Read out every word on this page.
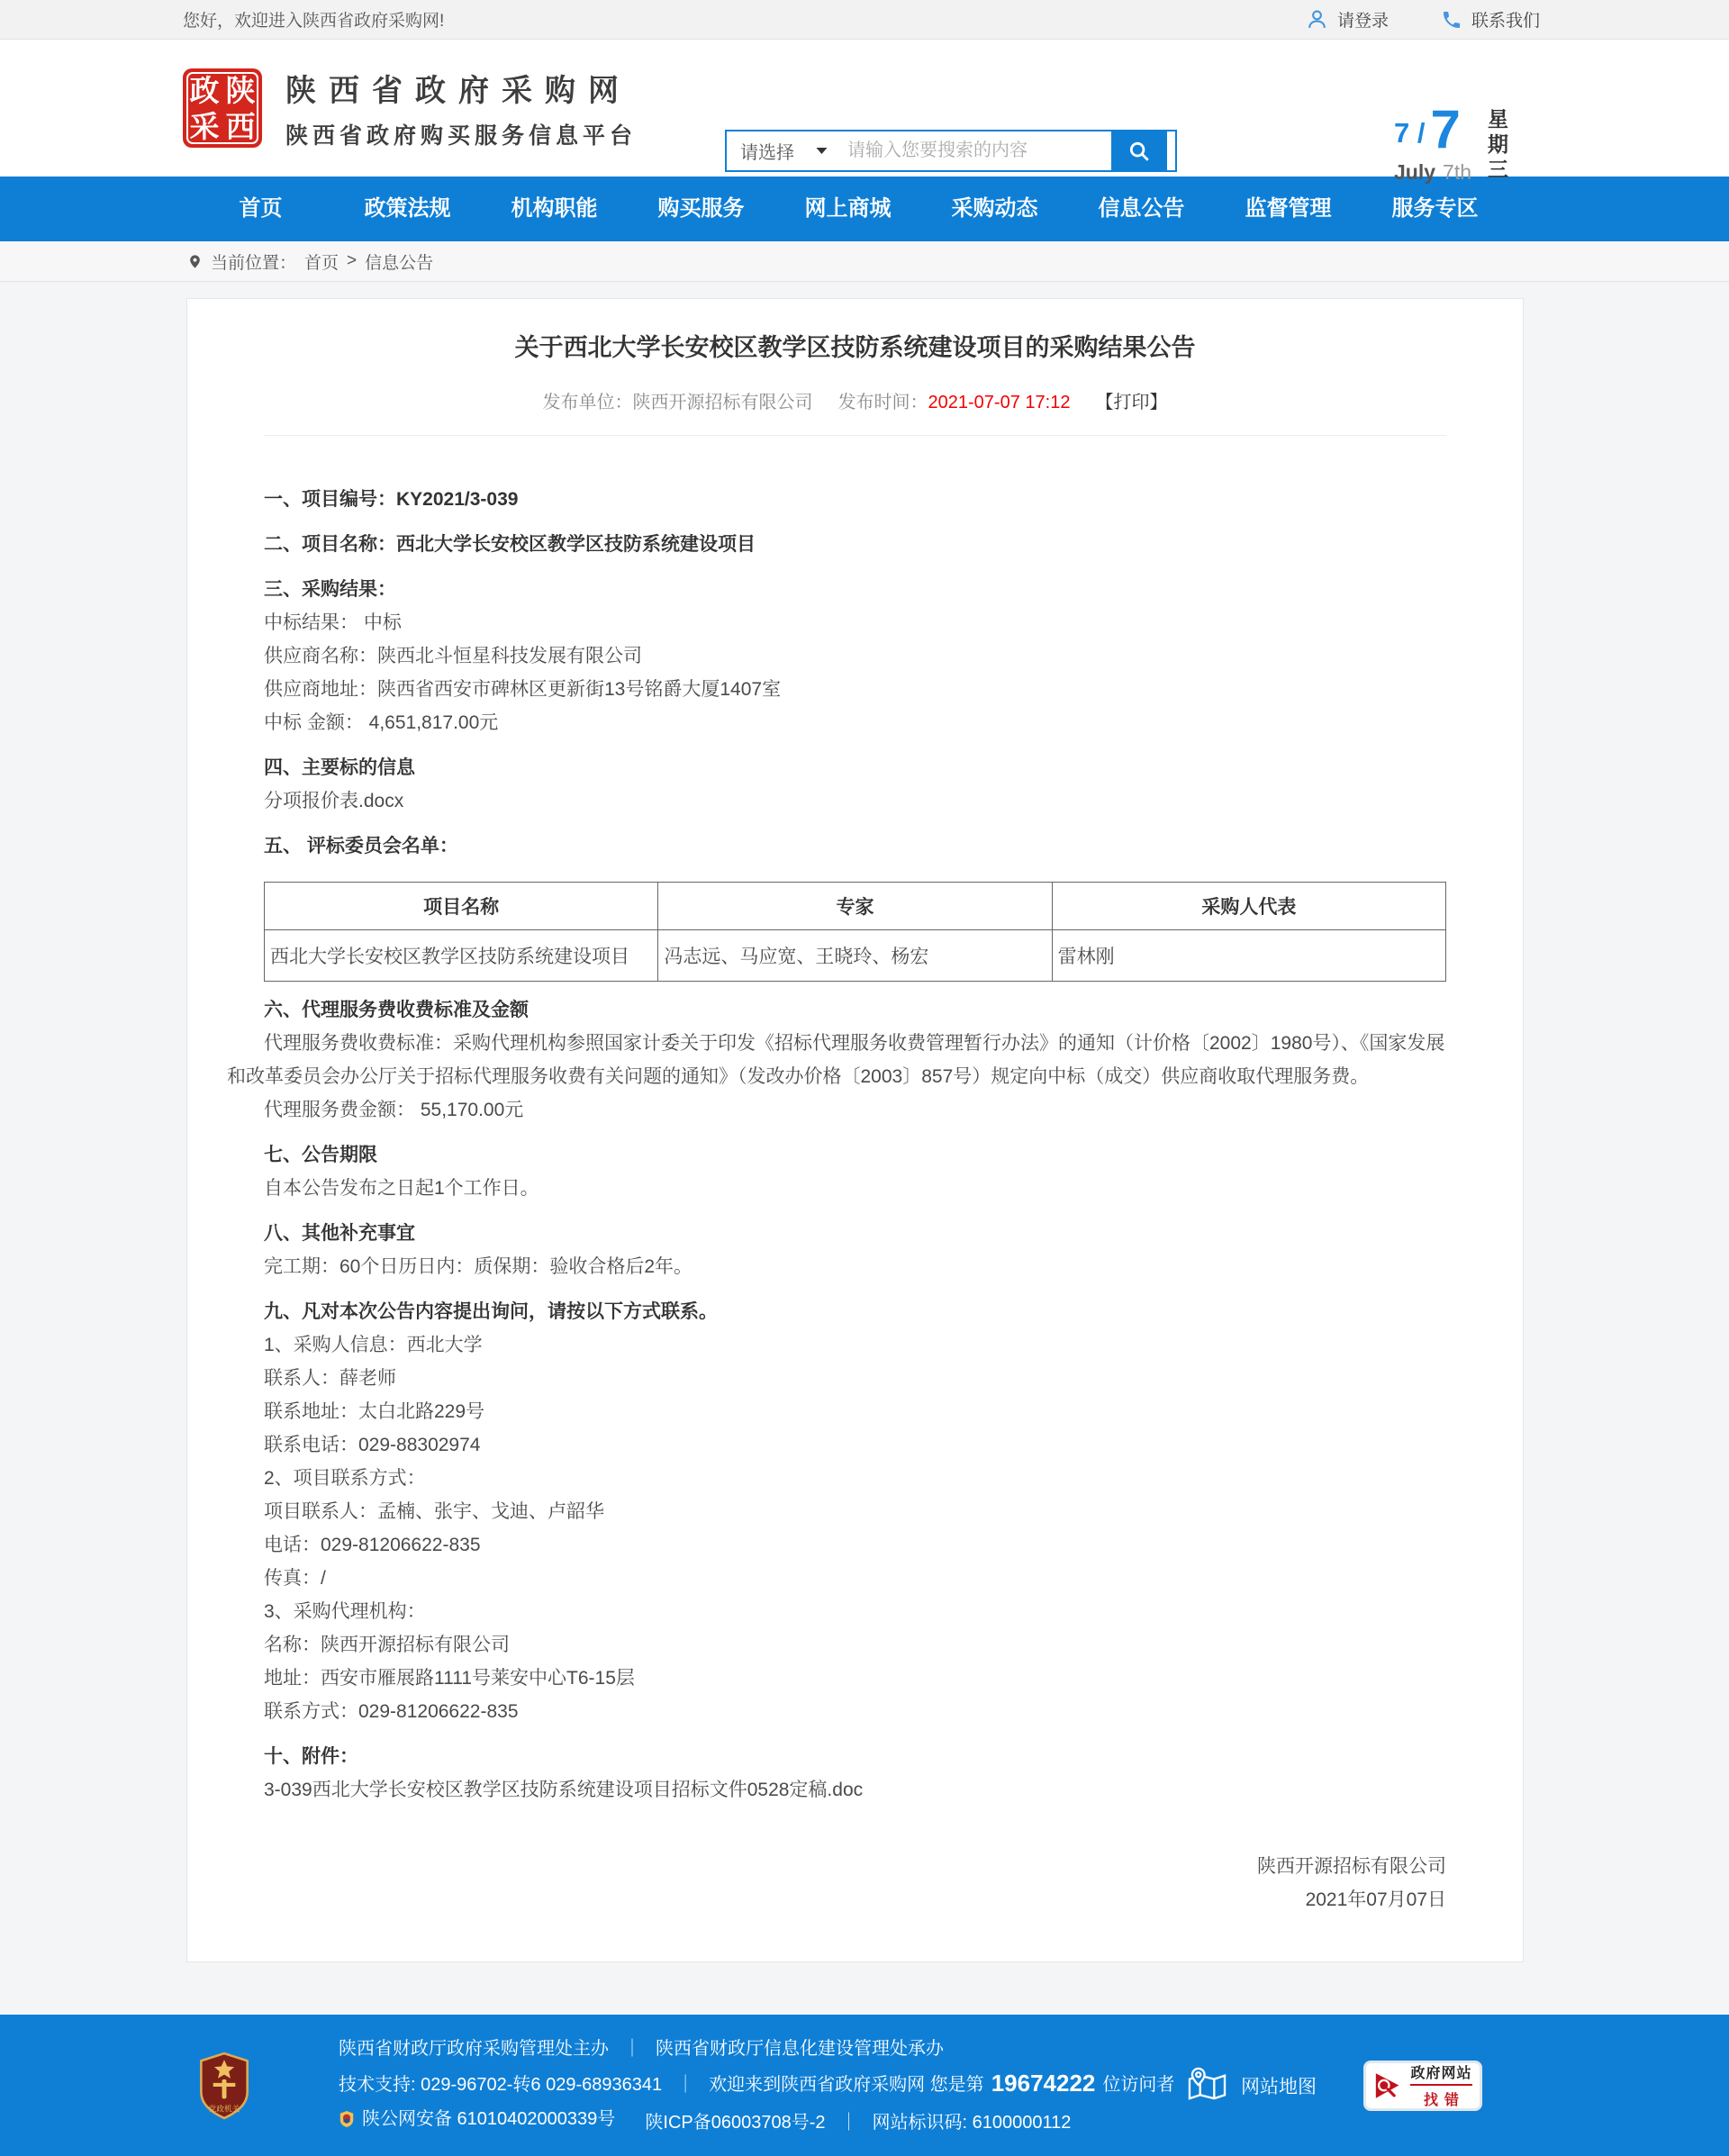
您好，欢迎进入陕西省政府采购网!	请登录	联系我们
政 陕
采 西
陕西省政府采购网
陕西省政府购买服务信息平台
请选择
请输入您要搜索的内容
7 / 7
July 7th
星期三
首页	政策法规	机构职能	购买服务	网上商城	采购动态	信息公告	监督管理	服务专区
当前位置： 首页 > 信息公告
关于西北大学长安校区教学区技防系统建设项目的采购结果公告
发布单位：陕西开源招标有限公司 发布时间：2021-07-07 17:12 【打印】

一、项目编号：KY2021/3-039

二、项目名称：西北大学长安校区教学区技防系统建设项目

三、采购结果：

中标结果： 中标

供应商名称：陕西北斗恒星科技发展有限公司

供应商地址：陕西省西安市碑林区更新街13号铭爵大厦1407室

中标 金额： 4,651,817.00元

四、主要标的信息

分项报价表.docx

五、 评标委员会名单：

项目名称	专家	采购人代表
西北大学长安校区教学区技防系统建设项目	冯志远、马应宽、王晓玲、杨宏	雷林刚

六、代理服务费收费标准及金额

代理服务费收费标准：采购代理机构参照国家计委关于印发《招标代理服务收费管理暂行办法》的通知（计价格〔2002〕1980号）、《国家发展和改革委员会办公厅关于招标代理服务收费有关问题的通知》（发改办价格〔2003〕857号）规定向中标（成交）供应商收取代理服务费。

代理服务费金额： 55,170.00元

七、公告期限

自本公告发布之日起1个工作日。

八、其他补充事宜

完工期：60个日历日内：质保期：验收合格后2年。

九、凡对本次公告内容提出询问，请按以下方式联系。

1、采购人信息：西北大学

联系人：薛老师

联系地址：太白北路229号

联系电话：029-88302974

2、项目联系方式：

项目联系人：孟楠、张宇、戈迪、卢韶华

电话：029-81206622-835

传真：/

3、采购代理机构：

名称：陕西开源招标有限公司

地址：西安市雁展路1111号莱安中心T6-15层

联系方式：029-81206622-835

十、附件：

3-039西北大学长安校区教学区技防系统建设项目招标文件0528定稿.doc

陕西开源招标有限公司
2021年07月07日
党政机关
陕西省财政厅政府采购管理处主办 ｜ 陕西省财政厅信息化建设管理处承办
技术支持: 029-96702-转6 029-68936341 ｜ 欢迎来到陕西省政府采购网 您是第 19674222 位访问者
陕公网安备 61010402000339号 陕ICP备06003708号-2 ｜ 网站标识码: 6100000112
网站地图
政府网站
找错
